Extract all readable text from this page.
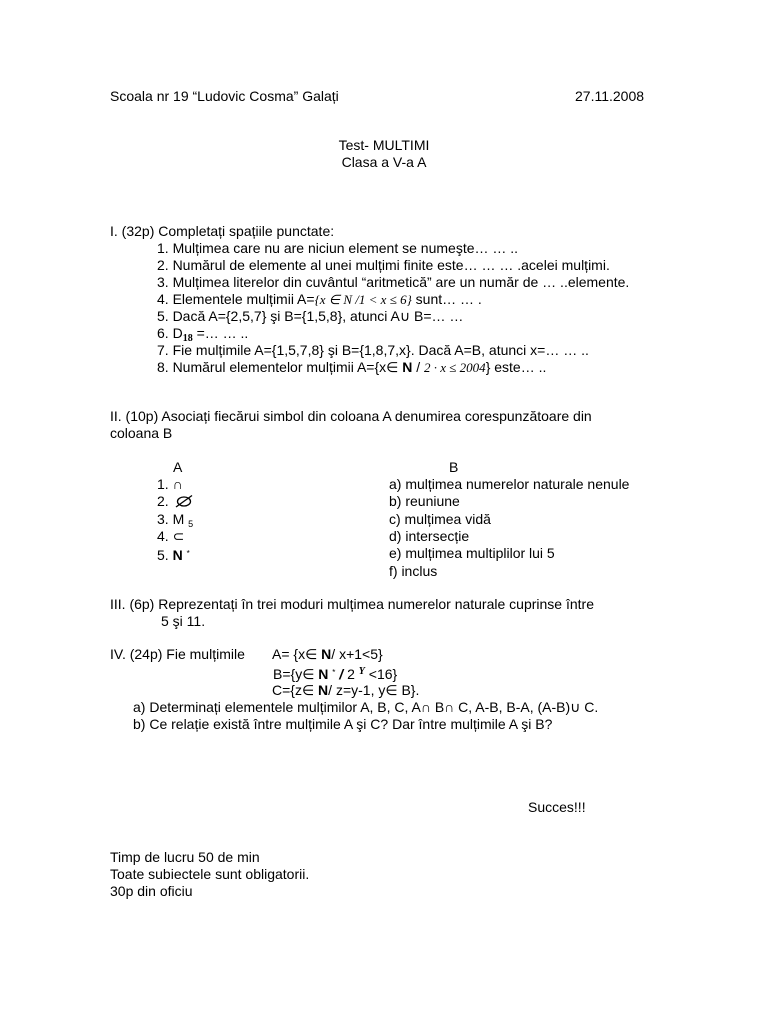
Scoala nr 19 “Ludovic Cosma” Galați	27.11.2008
Test- MULTIMI
Clasa a V-a A
I. (32p) Completați spațiile punctate:
1. Mulțimea care nu are niciun element se numeşte… … ..
2. Numărul de elemente al unei mulțimi finite este… … … .acelei mulțimi.
3. Mulțimea literelor din cuvântul “aritmetică” are un număr de … ..elemente.
4. Elementele mulțimii A={x ∈ N /1 < x ≤ 6} sunt… … .
5. Dacă A={2,5,7} şi B={1,5,8}, atunci A∪ B=… …
6. $D_{18}$ =… … ..
7. Fie mulțimile A={1,5,7,8} şi B={1,8,7,x}. Dacă A=B, atunci x=… … ..
8. Numărul elementelor mulțimii A={x∈ N / 2 · x ≤ 2004} este… ..
II. (10p) Asociați fiecărui simbol din coloana A denumirea corespunzătoare din
coloana B
A	B
1. ∩
2.
3. M $_5$
4. ⊂
5. N *
a) mulțimea numerelor naturale nenule
b) reuniune
c) mulțimea vidă
d) intersecție
e) mulțimea multiplilor lui 5
f) inclus
III. (6p) Reprezentați în trei moduri mulțimea numerelor naturale cuprinse între
5 şi 11.
IV. (24p) Fie mulțimile A= {x∈ N/ x+1<5}
B={y∈ N * / 2 $^Y$ <16}
C={z∈ N/ z=y-1, y∈ B}.
a) Determinați elementele mulțimilor A, B, C, A∩ B∩ C, A-B, B-A, (A-B)∪ C.
b) Ce relație există între mulțimile A şi C? Dar între mulțimile A şi B?
Succes!!!
Timp de lucru 50 de min
Toate subiectele sunt obligatorii.
30p din oficiu
